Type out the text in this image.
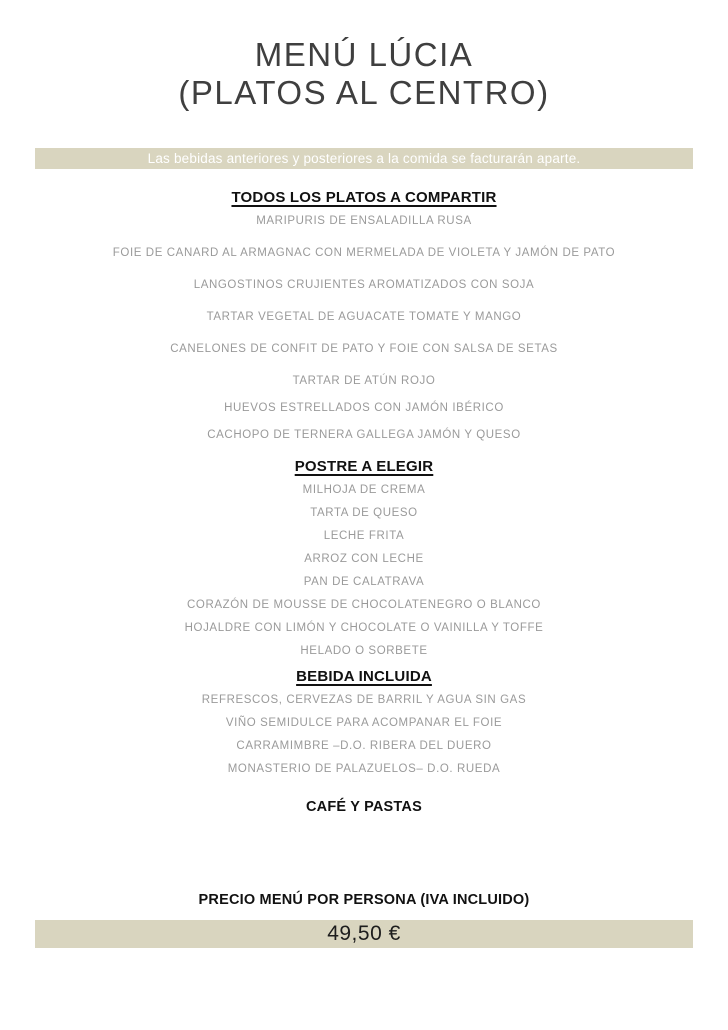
MENÚ LÚCIA
(PLATOS AL CENTRO)
Las bebidas anteriores y posteriores a la comida se facturarán aparte.
TODOS LOS PLATOS A COMPARTIR
MARIPURIS DE ENSALADILLA RUSA
FOIE DE CANARD AL ARMAGNAC CON MERMELADA DE VIOLETA Y JAMÓN DE PATO
LANGOSTINOS CRUJIENTES AROMATIZADOS CON SOJA
TARTAR VEGETAL DE AGUACATE TOMATE Y MANGO
CANELONES DE CONFIT DE PATO Y FOIE CON SALSA DE SETAS
TARTAR DE ATÚN ROJO
HUEVOS ESTRELLADOS CON JAMÓN IBÉRICO
CACHOPO DE TERNERA GALLEGA JAMÓN Y QUESO
POSTRE A ELEGIR
MILHOJA DE CREMA
TARTA DE QUESO
LECHE FRITA
ARROZ CON LECHE
PAN DE CALATRAVA
CORAZÓN DE MOUSSE DE CHOCOLATENEGRO O BLANCO
HOJALDRE CON LIMÓN Y CHOCOLATE O VAINILLA Y TOFFE
HELADO O SORBETE
BEBIDA INCLUIDA
REFRESCOS, CERVEZAS DE BARRIL Y AGUA SIN GAS
VIÑO SEMIDULCE PARA ACOMPANAR EL FOIE
CARRAMIMBRE –D.O. RIBERA DEL DUERO
MONASTERIO DE PALAZUELOS– D.O. RUEDA
CAFÉ Y PASTAS
PRECIO MENÚ POR PERSONA (IVA INCLUIDO)
49,50 €
